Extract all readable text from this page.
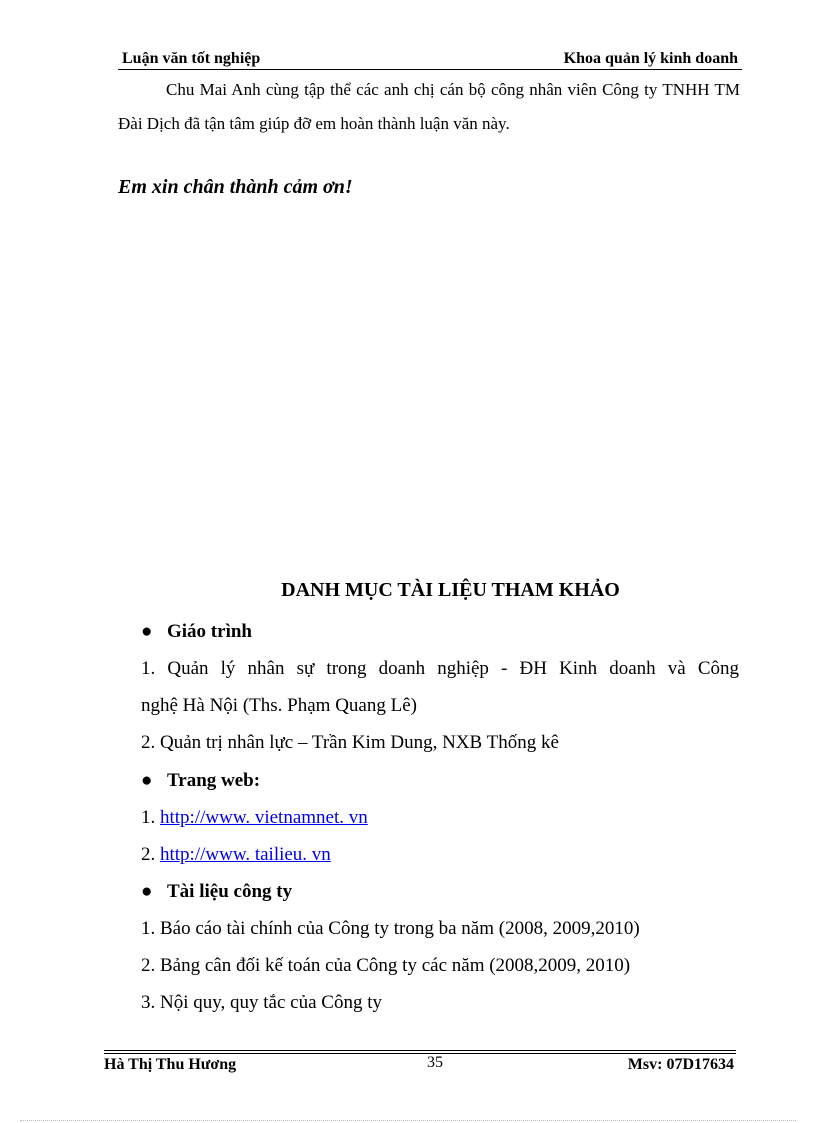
Luận văn tốt nghiệp	Khoa quản lý kinh doanh
Chu Mai Anh cùng tập thể các anh chị cán bộ công nhân viên Công ty TNHH TM Đài Dịch đã tận tâm giúp đỡ em hoàn thành luận văn này.
Em xin chân thành cảm ơn!
DANH MỤC TÀI LIỆU THAM KHẢO
● Giáo trình
1. Quản lý nhân sự trong doanh nghiệp - ĐH Kinh doanh và Công
nghệ Hà Nội (Ths. Phạm Quang Lê)
2. Quản trị nhân lực – Trần Kim Dung, NXB Thống kê
● Trang web:
1. http://www. vietnamnet. vn
2. http://www. tailieu. vn
● Tài liệu công ty
1. Báo cáo tài chính của Công ty trong ba năm (2008, 2009,2010)
2. Bảng cân đối kế toán của Công ty các năm (2008,2009, 2010)
3. Nội quy, quy tắc của Công ty
Hà Thị Thu Hương	35	Msv: 07D17634
